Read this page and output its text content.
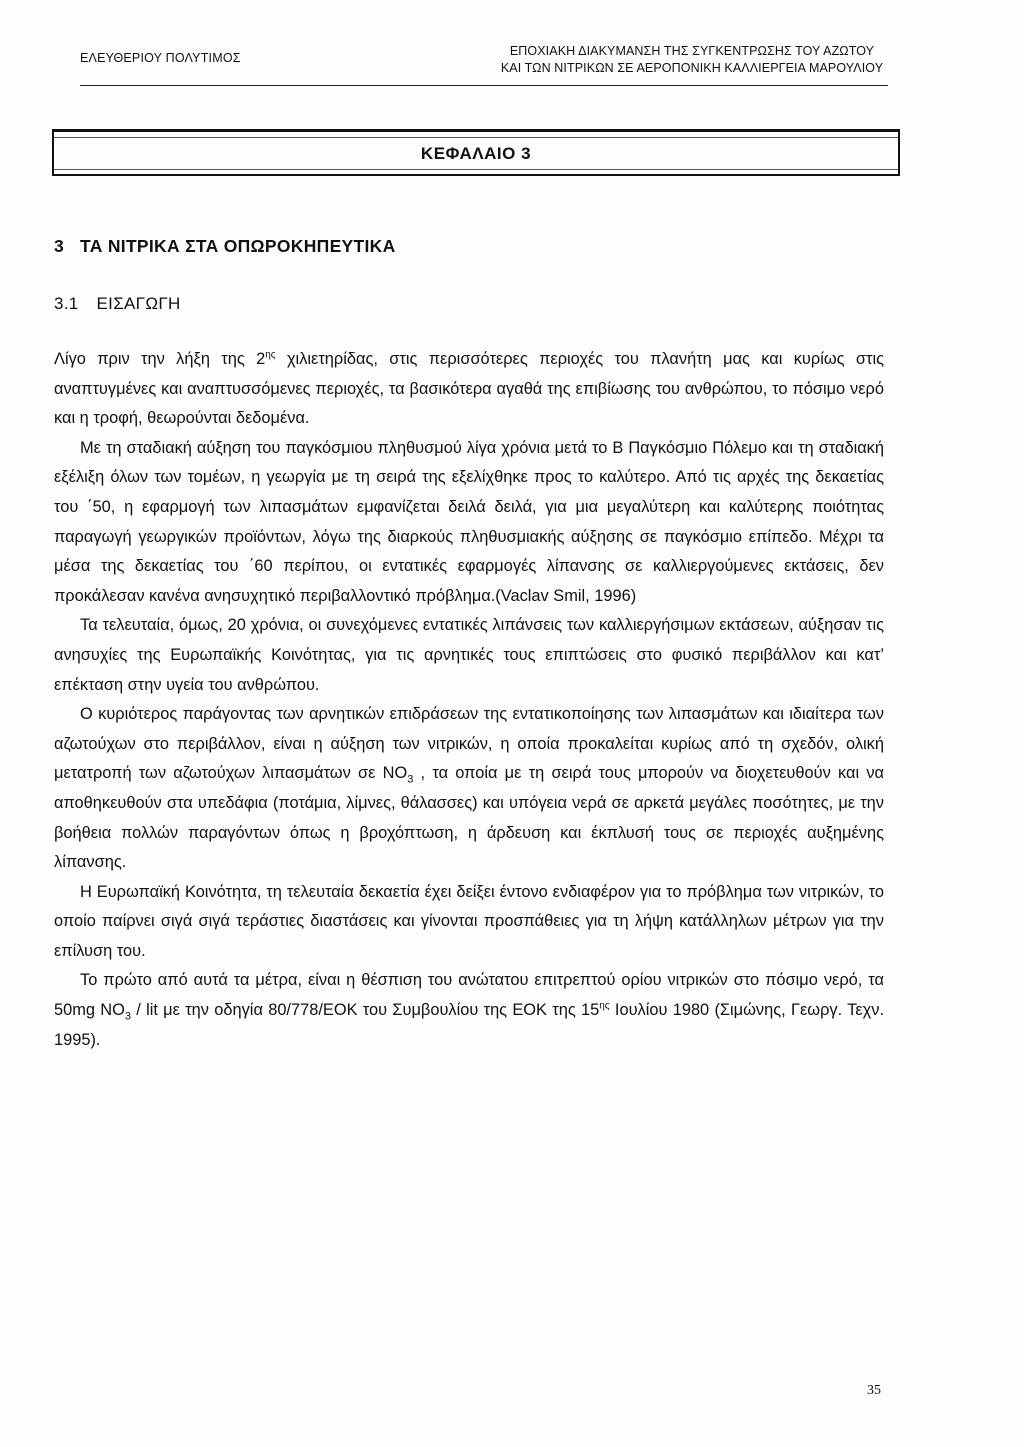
ΕΛΕΥΘΕΡΙΟΥ ΠΟΛΥΤΙΜΟΣ	ΕΠΟΧΙΑΚΗ ΔΙΑΚΥΜΑΝΣΗ ΤΗΣ ΣΥΓΚΕΝΤΡΩΣΗΣ ΤΟΥ ΑΖΩΤΟΥ
ΚΑΙ ΤΩΝ ΝΙΤΡΙΚΩΝ ΣΕ ΑΕΡΟΠΟΝΙΚΗ ΚΑΛΛΙΕΡΓΕΙΑ ΜΑΡΟΥΛΙΟΥ
ΚΕΦΑΛΑΙΟ 3
3 ΤΑ ΝΙΤΡΙΚΑ ΣΤΑ ΟΠΩΡΟΚΗΠΕΥΤΙΚΑ
3.1 ΕΙΣΑΓΩΓΗ

Λίγο πριν την λήξη της $2^{\eta\varsigma}$ χιλιετηρίδας, στις περισσότερες περιοχές του πλανήτη μας και κυρίως στις αναπτυγμένες και αναπτυσσόμενες περιοχές, τα βασικότερα αγαθά της επιβίωσης του ανθρώπου, το πόσιμο νερό και η τροφή, θεωρούνται δεδομένα.

Με τη σταδιακή αύξηση του παγκόσμιου πληθυσμού λίγα χρόνια μετά το Β Παγκόσμιο Πόλεμο και τη σταδιακή εξέλιξη όλων των τομέων, η γεωργία με τη σειρά της εξελίχθηκε προς το καλύτερο. Από τις αρχές της δεκαετίας του ΄50, η εφαρμογή των λιπασμάτων εμφανίζεται δειλά δειλά, για μια μεγαλύτερη και καλύτερης ποιότητας παραγωγή γεωργικών προϊόντων, λόγω της διαρκούς πληθυσμιακής αύξησης σε παγκόσμιο επίπεδο. Μέχρι τα μέσα της δεκαετίας του ΄60 περίπου, οι εντατικές εφαρμογές λίπανσης σε καλλιεργούμενες εκτάσεις, δεν προκάλεσαν κανένα ανησυχητικό περιβαλλοντικό πρόβλημα.(Vaclav Smil, 1996)

Τα τελευταία, όμως, 20 χρόνια, οι συνεχόμενες εντατικές λιπάνσεις των καλλιεργήσιμων εκτάσεων, αύξησαν τις ανησυχίες της Ευρωπαϊκής Κοινότητας, για τις αρνητικές τους επιπτώσεις στο φυσικό περιβάλλον και κατ’ επέκταση στην υγεία του ανθρώπου.

Ο κυριότερος παράγοντας των αρνητικών επιδράσεων της εντατικοποίησης των λιπασμάτων και ιδιαίτερα των αζωτούχων στο περιβάλλον, είναι η αύξηση των νιτρικών, η οποία προκαλείται κυρίως από τη σχεδόν, ολική μετατροπή των αζωτούχων λιπασμάτων σε $NO_3$ , τα οποία με τη σειρά τους μπορούν να διοχετευθούν και να αποθηκευθούν στα υπεδάφια (ποτάμια, λίμνες, θάλασσες) και υπόγεια νερά σε αρκετά μεγάλες ποσότητες, με την βοήθεια πολλών παραγόντων όπως η βροχόπτωση, η άρδευση και έκπλυσή τους σε περιοχές αυξημένης λίπανσης.

Η Ευρωπαϊκή Κοινότητα, τη τελευταία δεκαετία έχει δείξει έντονο ενδιαφέρον για το πρόβλημα των νιτρικών, το οποίο παίρνει σιγά σιγά τεράστιες διαστάσεις και γίνονται προσπάθειες για τη λήψη κατάλληλων μέτρων για την επίλυση του.

Το πρώτο από αυτά τα μέτρα, είναι η θέσπιση του ανώτατου επιτρεπτού ορίου νιτρικών στο πόσιμο νερό, τα 50mg $NO_3$ / lit με την οδηγία 80/778/ΕΟΚ του Συμβουλίου της ΕΟΚ της $15^{\eta\varsigma}$ Ιουλίου 1980 (Σιμώνης, Γεωργ. Τεχν. 1995).

35
